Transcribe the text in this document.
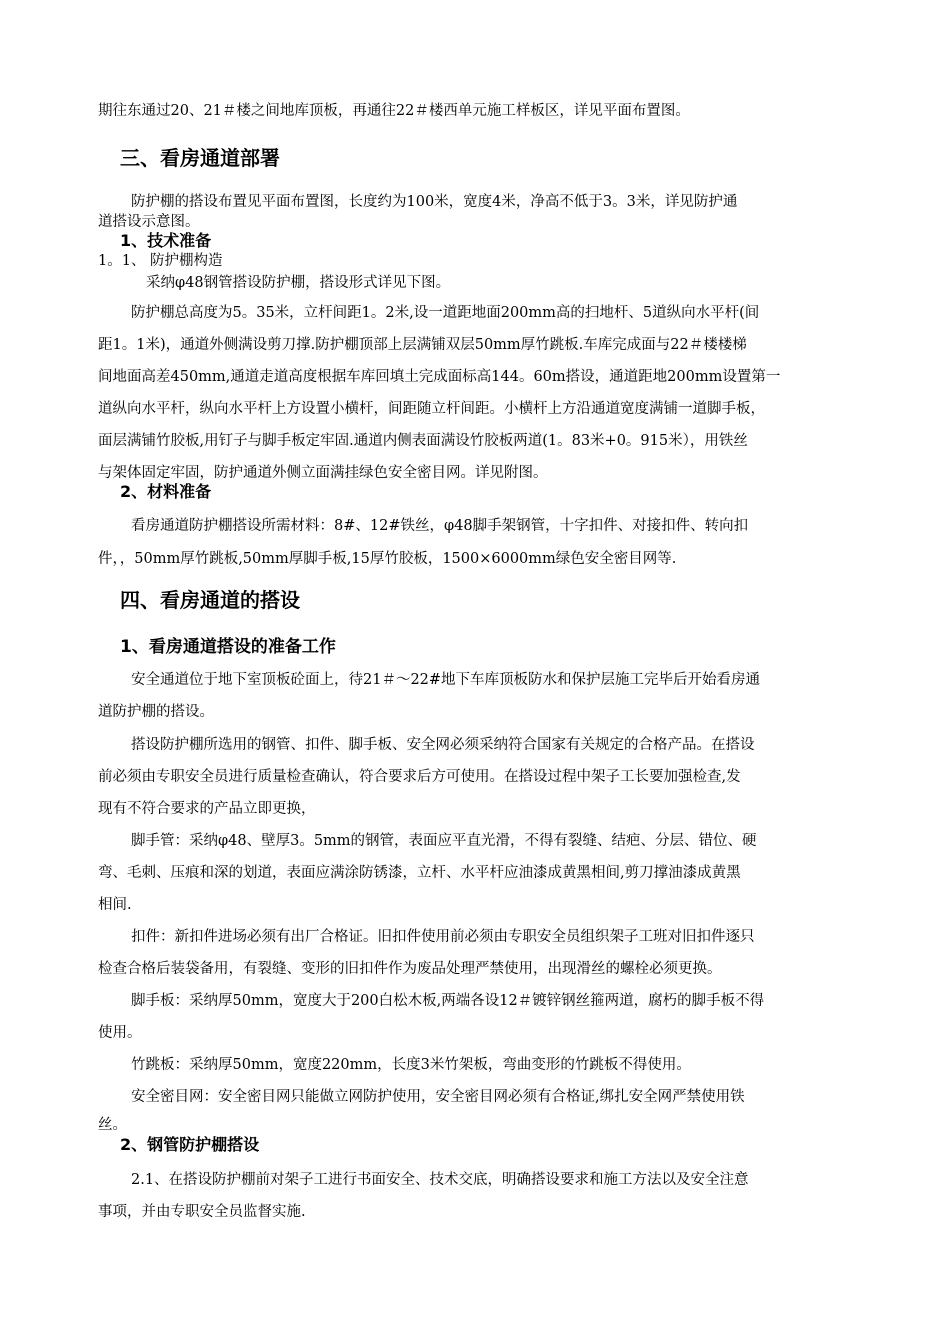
期往东通过20、21＃楼之间地库顶板，再通往22＃楼西单元施工样板区，详见平面布置图。
三、看房通道部署
防护棚的搭设布置见平面布置图，长度约为100米，宽度4米，净高不低于3。3米，详见防护通
道搭设示意图。
1、技术准备
1。1、 防护棚构造
采纳φ48钢管搭设防护棚，搭设形式详见下图。
防护棚总高度为5。35米，立杆间距1。2米,设一道距地面200mm高的扫地杆、5道纵向水平杆(间
距1。1米)，通道外侧满设剪刀撑.防护棚顶部上层满铺双层50mm厚竹跳板.车库完成面与22＃楼楼梯
间地面高差450mm,通道走道高度根据车库回填土完成面标高144。60m搭设，通道距地200mm设置第一
道纵向水平杆，纵向水平杆上方设置小横杆，间距随立杆间距。小横杆上方沿通道宽度满铺一道脚手板，
面层满铺竹胶板,用钉子与脚手板定牢固.通道内侧表面满设竹胶板两道(1。83米+0。915米），用铁丝
与架体固定牢固，防护通道外侧立面满挂绿色安全密目网。详见附图。
2、材料准备
看房通道防护棚搭设所需材料：8#、12#铁丝，φ48脚手架钢管，十字扣件、对接扣件、转向扣
件，，50mm厚竹跳板,50mm厚脚手板,15厚竹胶板，1500×6000mm绿色安全密目网等.
四、看房通道的搭设
1、看房通道搭设的准备工作
安全通道位于地下室顶板砼面上，待21＃～22#地下车库顶板防水和保护层施工完毕后开始看房通
道防护棚的搭设。
搭设防护棚所选用的钢管、扣件、脚手板、安全网必须采纳符合国家有关规定的合格产品。在搭设
前必须由专职安全员进行质量检查确认，符合要求后方可使用。在搭设过程中架子工长要加强检查,发
现有不符合要求的产品立即更换，
脚手管：采纳φ48、壁厚3。5mm的钢管，表面应平直光滑，不得有裂缝、结疤、分层、错位、硬
弯、毛刺、压痕和深的划道，表面应满涂防锈漆，立杆、水平杆应油漆成黄黑相间,剪刀撑油漆成黄黑
相间.
扣件：新扣件进场必须有出厂合格证。旧扣件使用前必须由专职安全员组织架子工班对旧扣件逐只
检查合格后装袋备用，有裂缝、变形的旧扣件作为废品处理严禁使用，出现滑丝的螺栓必须更换。
脚手板：采纳厚50mm，宽度大于200白松木板,两端各设12＃镀锌钢丝箍两道，腐朽的脚手板不得
使用。
竹跳板：采纳厚50mm，宽度220mm，长度3米竹架板，弯曲变形的竹跳板不得使用。
安全密目网：安全密目网只能做立网防护使用，安全密目网必须有合格证,绑扎安全网严禁使用铁
丝。
2、钢管防护棚搭设
2.1、在搭设防护棚前对架子工进行书面安全、技术交底，明确搭设要求和施工方法以及安全注意
事项，并由专职安全员监督实施.
